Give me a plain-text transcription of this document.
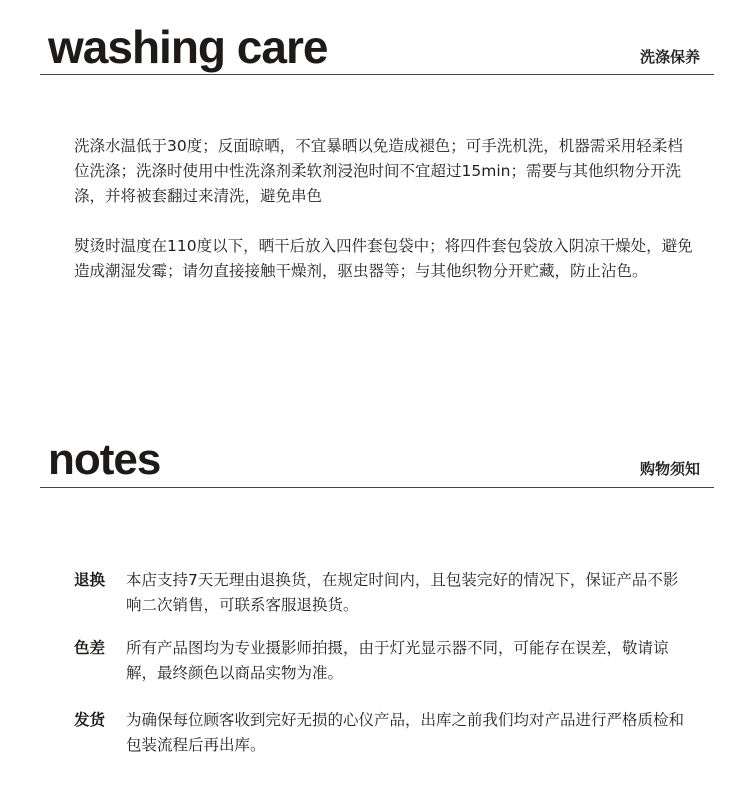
washing care	洗涤保养

洗涤水温低于30度；反面晾晒，不宜暴晒以免造成褪色；可手洗机洗，机器需采用轻柔档位洗涤；洗涤时使用中性洗涤剂柔软剂浸泡时间不宜超过15min；需要与其他织物分开洗涤，并将被套翻过来清洗，避免串色

熨烫时温度在110度以下，晒干后放入四件套包袋中；将四件套包袋放入阴凉干燥处，避免造成潮湿发霉；请勿直接接触干燥剂，驱虫器等；与其他织物分开贮藏，防止沾色。

notes	购物须知
退换 本店支持7天无理由退换货，在规定时间内，且包装完好的情况下，保证产品不影响二次销售，可联系客服退换货。
色差 所有产品图均为专业摄影师拍摄，由于灯光显示器不同，可能存在误差，敬请谅解，最终颜色以商品实物为准。
发货 为确保每位顾客收到完好无损的心仪产品，出库之前我们均对产品进行严格质检和包装流程后再出库。
